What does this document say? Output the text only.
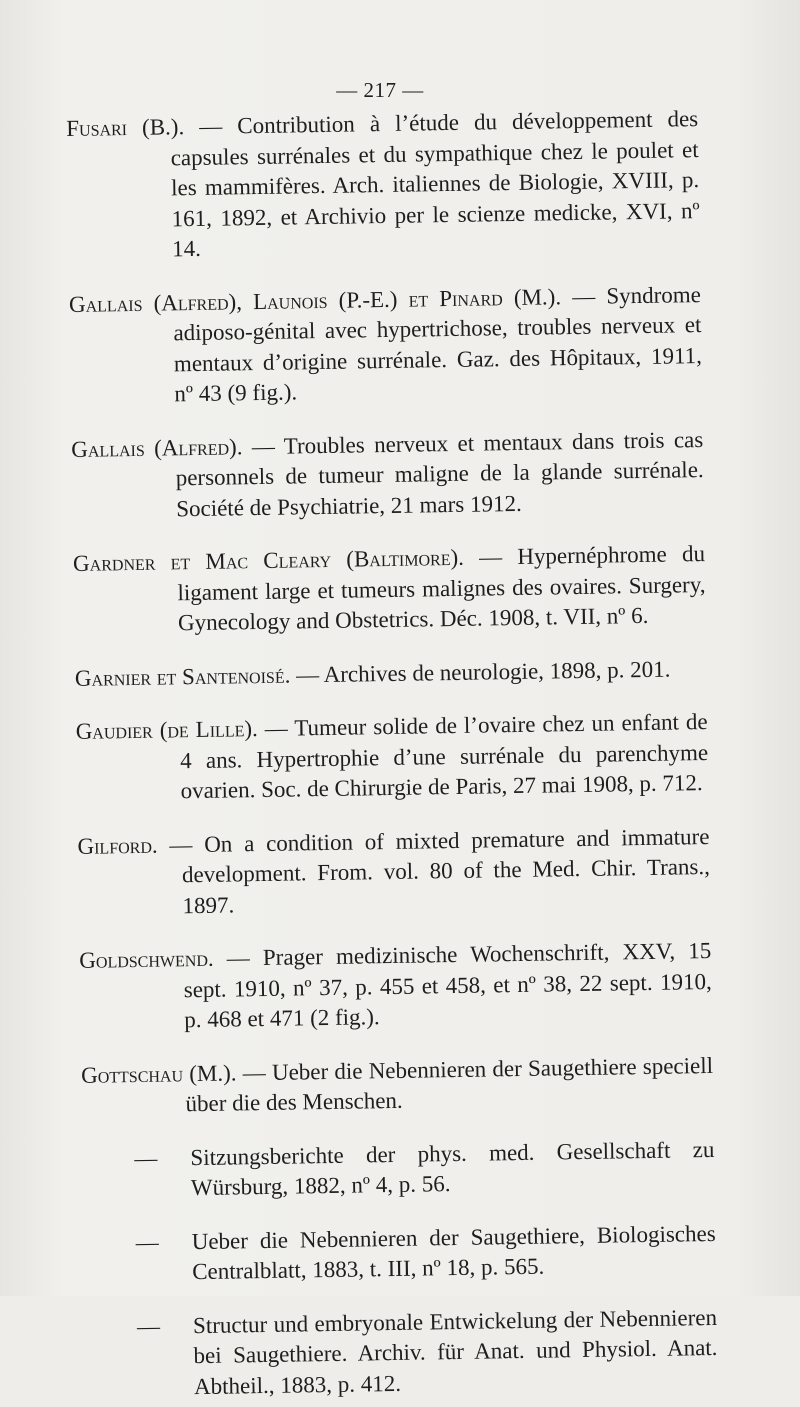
— 217 —

Fusari (B.). — Contribution à l’étude du développement des capsules surrénales et du sympathique chez le poulet et les mammifères. Arch. italiennes de Biologie, XVIII, p. 161, 1892, et Archivio per le scienze medicke, XVI, nº 14.

Gallais (Alfred), Launois (P.-E.) et Pinard (M.). — Syndrome adiposo-génital avec hypertrichose, troubles nerveux et mentaux d’origine surrénale. Gaz. des Hôpitaux, 1911, nº 43 (9 fig.).

Gallais (Alfred). — Troubles nerveux et mentaux dans trois cas personnels de tumeur maligne de la glande surrénale. Société de Psychiatrie, 21 mars 1912.

Gardner et Mac Cleary (Baltimore). — Hypernéphrome du ligament large et tumeurs malignes des ovaires. Surgery, Gynecology and Obstetrics. Déc. 1908, t. VII, nº 6.

Garnier et Santenoisé. — Archives de neurologie, 1898, p. 201.

Gaudier (de Lille). — Tumeur solide de l’ovaire chez un enfant de 4 ans. Hypertrophie d’une surrénale du parenchyme ovarien. Soc. de Chirurgie de Paris, 27 mai 1908, p. 712.

Gilford. — On a condition of mixted premature and immature development. From. vol. 80 of the Med. Chir. Trans., 1897.

Goldschwend. — Prager medizinische Wochenschrift, XXV, 15 sept. 1910, nº 37, p. 455 et 458, et nº 38, 22 sept. 1910, p. 468 et 471 (2 fig.).

Gottschau (M.). — Ueber die Nebennieren der Saugethiere speciell über die des Menschen.

— Sitzungsberichte der phys. med. Gesellschaft zu Würsburg, 1882, nº 4, p. 56.

— Ueber die Nebennieren der Saugethiere, Biologisches Centralblatt, 1883, t. III, nº 18, p. 565.

— Structur und embryonale Entwickelung der Nebennieren bei Saugethiere. Archiv. für Anat. und Physiol. Anat. Abtheil., 1883, p. 412.
